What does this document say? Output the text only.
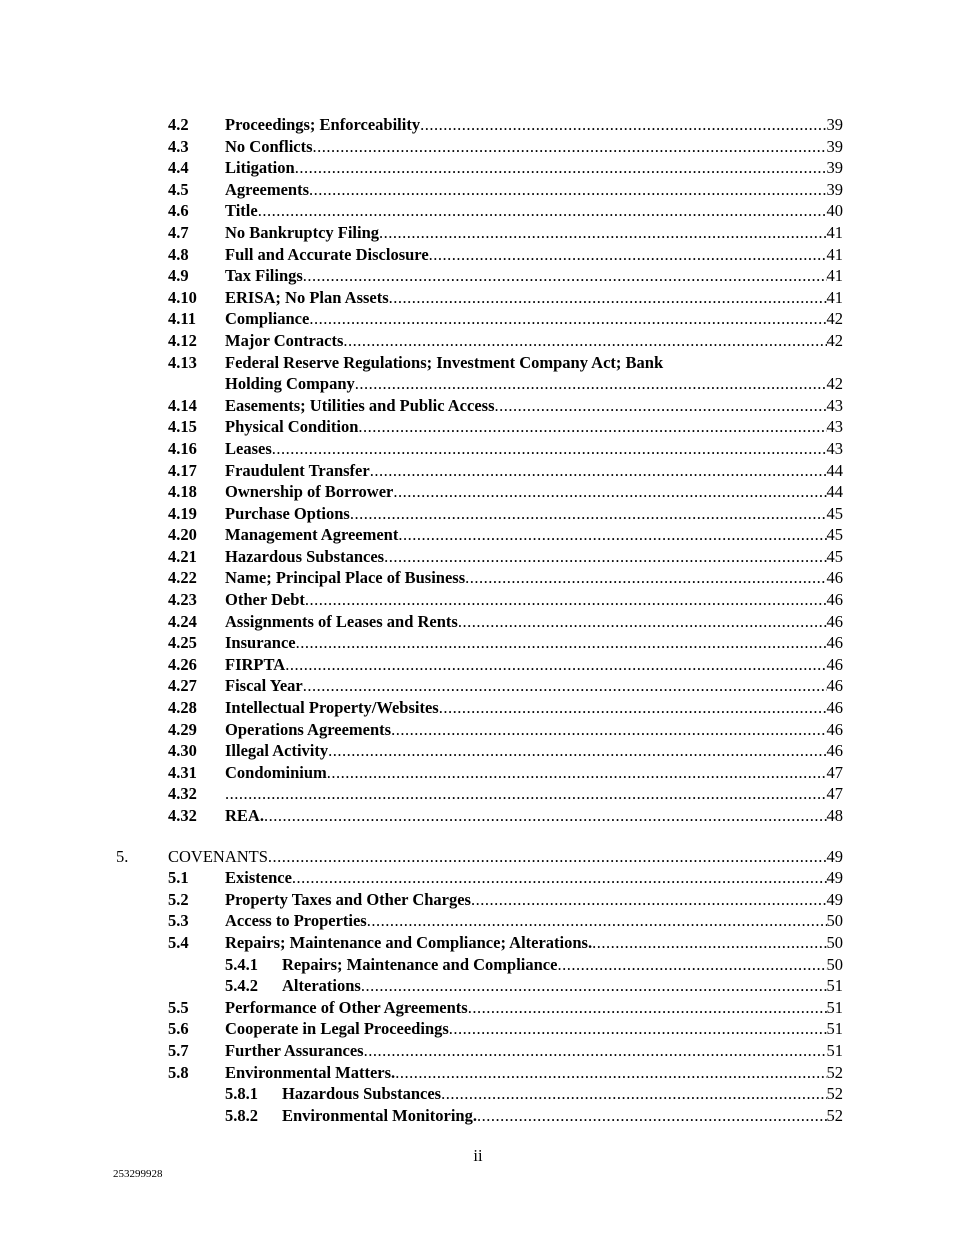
4.2 Proceedings; Enforceability .....	39
4.3 No Conflicts .....	39
4.4 Litigation .....	39
4.5 Agreements .....	39
4.6 Title .....	40
4.7 No Bankruptcy Filing .....	41
4.8 Full and Accurate Disclosure .....	41
4.9 Tax Filings .....	41
4.10 ERISA; No Plan Assets .....	41
4.11 Compliance .....	42
4.12 Major Contracts .....	42
4.13 Federal Reserve Regulations; Investment Company Act; Bank
Holding Company .....	42
4.14 Easements; Utilities and Public Access .....	43
4.15 Physical Condition .....	43
4.16 Leases .....	43
4.17 Fraudulent Transfer .....	44
4.18 Ownership of Borrower .....	44
4.19 Purchase Options .....	45
4.20 Management Agreement .....	45
4.21 Hazardous Substances .....	45
4.22 Name; Principal Place of Business .....	46
4.23 Other Debt .....	46
4.24 Assignments of Leases and Rents .....	46
4.25 Insurance .....	46
4.26 FIRPTA .....	46
4.27 Fiscal Year .....	46
4.28 Intellectual Property/Websites .....	46
4.29 Operations Agreements .....	46
4.30 Illegal Activity .....	46
4.31 Condominium .....	47
4.32 .....	47
4.32 REA. .....	48
5. COVENANTS .....	49
5.1 Existence .....	49
5.2 Property Taxes and Other Charges .....	49
5.3 Access to Properties .....	50
5.4 Repairs; Maintenance and Compliance; Alterations. .....	50
5.4.1 Repairs; Maintenance and Compliance .....	50
5.4.2 Alterations .....	51
5.5 Performance of Other Agreements .....	51
5.6 Cooperate in Legal Proceedings .....	51
5.7 Further Assurances .....	51
5.8 Environmental Matters. .....	52
5.8.1 Hazardous Substances .....	52
5.8.2 Environmental Monitoring. .....	52
ii
253299928
